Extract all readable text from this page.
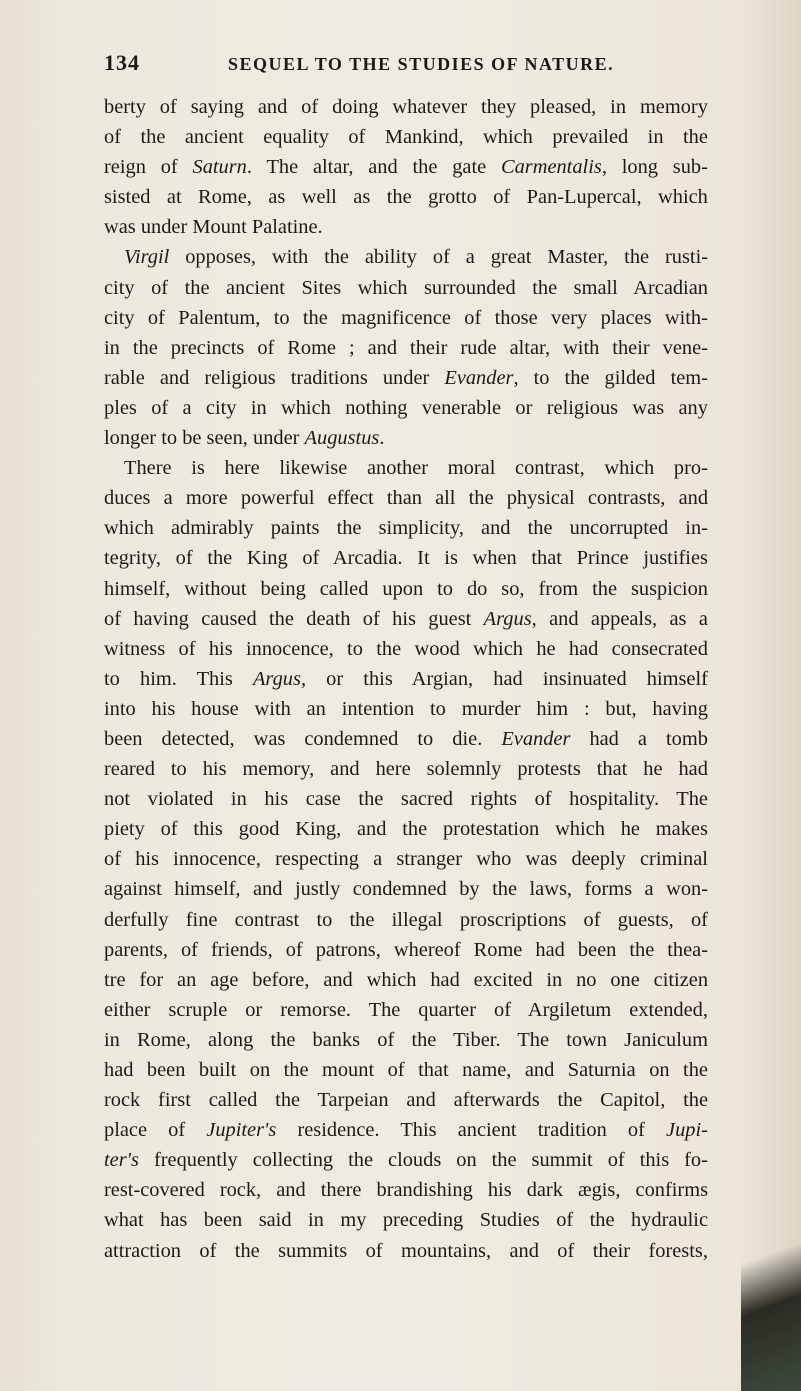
134	SEQUEL TO THE STUDIES OF NATURE.
berty of saying and of doing whatever they pleased, in memory
of the ancient equality of Mankind, which prevailed in the
reign of Saturn. The altar, and the gate Carmentalis, long sub-
sisted at Rome, as well as the grotto of Pan-Lupercal, which
was under Mount Palatine.
Virgil opposes, with the ability of a great Master, the rusti-
city of the ancient Sites which surrounded the small Arcadian
city of Palentum, to the magnificence of those very places with-
in the precincts of Rome ; and their rude altar, with their vene-
rable and religious traditions under Evander, to the gilded tem-
ples of a city in which nothing venerable or religious was any
longer to be seen, under Augustus.
There is here likewise another moral contrast, which pro-
duces a more powerful effect than all the physical contrasts, and
which admirably paints the simplicity, and the uncorrupted in-
tegrity, of the King of Arcadia. It is when that Prince justifies
himself, without being called upon to do so, from the suspicion
of having caused the death of his guest Argus, and appeals, as a
witness of his innocence, to the wood which he had consecrated
to him. This Argus, or this Argian, had insinuated himself
into his house with an intention to murder him : but, having
been detected, was condemned to die. Evander had a tomb
reared to his memory, and here solemnly protests that he had
not violated in his case the sacred rights of hospitality. The
piety of this good King, and the protestation which he makes
of his innocence, respecting a stranger who was deeply criminal
against himself, and justly condemned by the laws, forms a won-
derfully fine contrast to the illegal proscriptions of guests, of
parents, of friends, of patrons, whereof Rome had been the thea-
tre for an age before, and which had excited in no one citizen
either scruple or remorse. The quarter of Argiletum extended,
in Rome, along the banks of the Tiber. The town Janiculum
had been built on the mount of that name, and Saturnia on the
rock first called the Tarpeian and afterwards the Capitol, the
place of Jupiter's residence. This ancient tradition of Jupi-
ter's frequently collecting the clouds on the summit of this fo-
rest-covered rock, and there brandishing his dark ægis, confirms
what has been said in my preceding Studies of the hydraulic
attraction of the summits of mountains, and of their forests,
